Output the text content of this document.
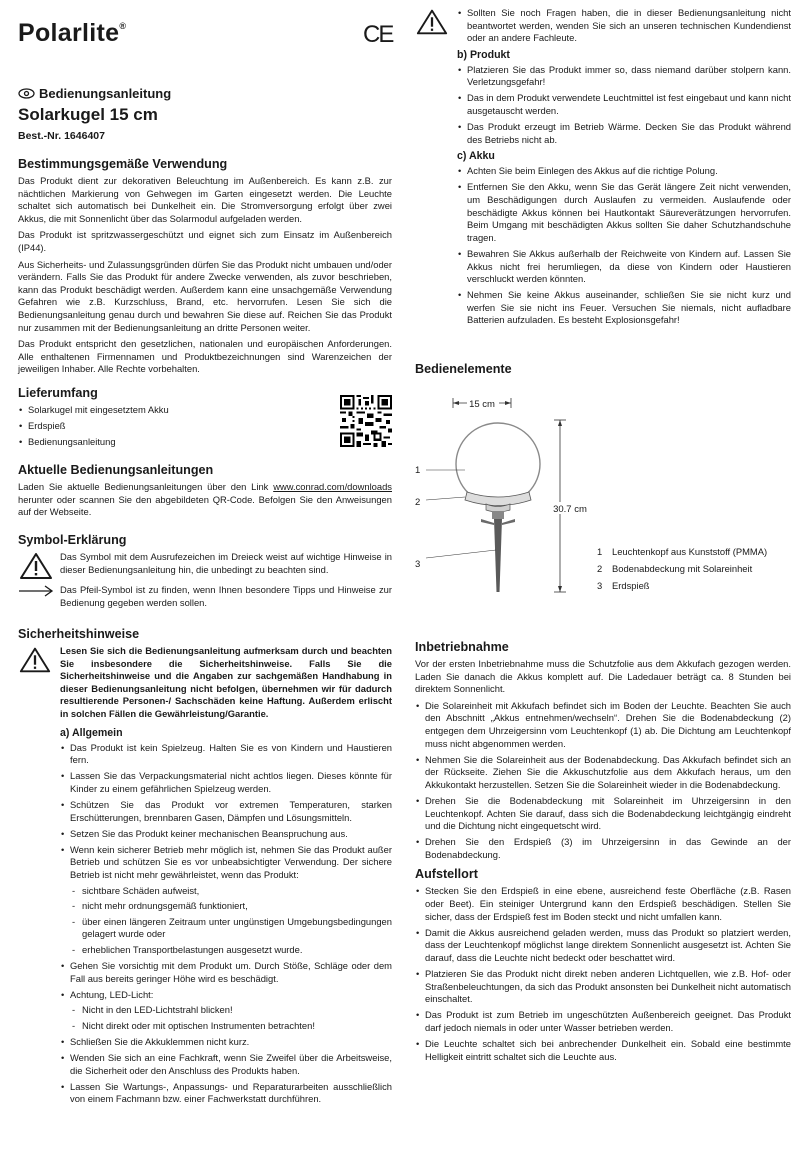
Polarlite®	CE
Bedienungsanleitung
Solarkugel 15 cm
Best.-Nr. 1646407
Bestimmungsgemäße Verwendung

Das Produkt dient zur dekorativen Beleuchtung im Außenbereich. Es kann z.B. zur nächtlichen Markierung von Gehwegen im Garten eingesetzt werden. Die Leuchte schaltet sich automatisch bei Dunkelheit ein. Die Stromversorgung erfolgt über zwei Akkus, die mit Sonnenlicht über das Solarmodul aufgeladen werden.

Das Produkt ist spritzwassergeschützt und eignet sich zum Einsatz im Außenbereich (IP44).

Aus Sicherheits- und Zulassungsgründen dürfen Sie das Produkt nicht umbauen und/oder verändern. Falls Sie das Produkt für andere Zwecke verwenden, als zuvor beschrieben, kann das Produkt beschädigt werden. Außerdem kann eine unsachgemäße Verwendung Gefahren wie z.B. Kurzschluss, Brand, etc. hervorrufen. Lesen Sie sich die Bedienungsanleitung genau durch und bewahren Sie diese auf. Reichen Sie das Produkt nur zusammen mit der Bedienungsanleitung an dritte Personen weiter.

Das Produkt entspricht den gesetzlichen, nationalen und europäischen Anforderungen. Alle enthaltenen Firmennamen und Produktbezeichnungen sind Warenzeichen der jeweiligen Inhaber. Alle Rechte vorbehalten.

Lieferumfang
• Solarkugel mit eingesetztem Akku
• Erdspieß
• Bedienungsanleitung
Aktuelle Bedienungsanleitungen

Laden Sie aktuelle Bedienungsanleitungen über den Link www.conrad.com/downloads herunter oder scannen Sie den abgebildeten QR-Code. Befolgen Sie den Anweisungen auf der Webseite.

Symbol-Erklärung

Das Symbol mit dem Ausrufezeichen im Dreieck weist auf wichtige Hinweise in dieser Bedienungsanleitung hin, die unbedingt zu beachten sind.

Das Pfeil-Symbol ist zu finden, wenn Ihnen besondere Tipps und Hinweise zur Bedienung gegeben werden sollen.

Sicherheitshinweise
Lesen Sie sich die Bedienungsanleitung aufmerksam durch und beachten Sie insbesondere die Sicherheitshinweise. Falls Sie die Sicherheitshinweise und die Angaben zur sachgemäßen Handhabung in dieser Bedienungsanleitung nicht befolgen, übernehmen wir für dadurch resultierende Personen-/ Sachschäden keine Haftung. Außerdem erlischt in solchen Fällen die Gewährleistung/Garantie.
a) Allgemein
• Das Produkt ist kein Spielzeug. Halten Sie es von Kindern und Haustieren fern.
• Lassen Sie das Verpackungsmaterial nicht achtlos liegen. Dieses könnte für Kinder zu einem gefährlichen Spielzeug werden.
• Schützen Sie das Produkt vor extremen Temperaturen, starken Erschütterungen, brennbaren Gasen, Dämpfen und Lösungsmitteln.
• Setzen Sie das Produkt keiner mechanischen Beanspruchung aus.
• Wenn kein sicherer Betrieb mehr möglich ist, nehmen Sie das Produkt außer Betrieb und schützen Sie es vor unbeabsichtigter Verwendung. Der sichere Betrieb ist nicht mehr gewährleistet, wenn das Produkt:
- sichtbare Schäden aufweist,
- nicht mehr ordnungsgemäß funktioniert,
- über einen längeren Zeitraum unter ungünstigen Umgebungsbedingungen gelagert wurde oder
- erheblichen Transportbelastungen ausgesetzt wurde.
• Gehen Sie vorsichtig mit dem Produkt um. Durch Stöße, Schläge oder dem Fall aus bereits geringer Höhe wird es beschädigt.
• Achtung, LED-Licht:
- Nicht in den LED-Lichtstrahl blicken!
- Nicht direkt oder mit optischen Instrumenten betrachten!
• Schließen Sie die Akkuklemmen nicht kurz.
• Wenden Sie sich an eine Fachkraft, wenn Sie Zweifel über die Arbeitsweise, die Sicherheit oder den Anschluss des Produkts haben.
• Lassen Sie Wartungs-, Anpassungs- und Reparaturarbeiten ausschließlich von einem Fachmann bzw. einer Fachwerkstatt durchführen.
• Sollten Sie noch Fragen haben, die in dieser Bedienungsanleitung nicht beantwortet werden, wenden Sie sich an unseren technischen Kundendienst oder an andere Fachleute.
b) Produkt
• Platzieren Sie das Produkt immer so, dass niemand darüber stolpern kann. Verletzungsgefahr!
• Das in dem Produkt verwendete Leuchtmittel ist fest eingebaut und kann nicht ausgetauscht werden.
• Das Produkt erzeugt im Betrieb Wärme. Decken Sie das Produkt während des Betriebs nicht ab.
c) Akku
• Achten Sie beim Einlegen des Akkus auf die richtige Polung.
• Entfernen Sie den Akku, wenn Sie das Gerät längere Zeit nicht verwenden, um Beschädigungen durch Auslaufen zu vermeiden. Auslaufende oder beschädigte Akkus können bei Hautkontakt Säureverätzungen hervorrufen. Beim Umgang mit beschädigten Akkus sollten Sie daher Schutzhandschuhe tragen.
• Bewahren Sie Akkus außerhalb der Reichweite von Kindern auf. Lassen Sie Akkus nicht frei herumliegen, da diese von Kindern oder Haustieren verschluckt werden könnten.
• Nehmen Sie keine Akkus auseinander, schließen Sie sie nicht kurz und werfen Sie sie nicht ins Feuer. Versuchen Sie niemals, nicht aufladbare Batterien aufzuladen. Es besteht Explosionsgefahr!
Bedienelemente
15 cm
30.7 cm
1
2
3
1 Leuchtenkopf aus Kunststoff (PMMA)
2 Bodenabdeckung mit Solareinheit
3 Erdspieß
Inbetriebnahme

Vor der ersten Inbetriebnahme muss die Schutzfolie aus dem Akkufach gezogen werden. Laden Sie danach die Akkus komplett auf. Die Ladedauer beträgt ca. 8 Stunden bei direktem Sonnenlicht.

• Die Solareinheit mit Akkufach befindet sich im Boden der Leuchte. Beachten Sie auch den Abschnitt „Akkus entnehmen/wechseln“. Drehen Sie die Bodenabdeckung (2) entgegen dem Uhrzeigersinn vom Leuchtenkopf (1) ab. Die Dichtung am Leuchtenkopf muss nicht abgenommen werden.
• Nehmen Sie die Solareinheit aus der Bodenabdeckung. Das Akkufach befindet sich an der Rückseite. Ziehen Sie die Akkuschutzfolie aus dem Akkufach heraus, um den Akkukontakt herzustellen. Setzen Sie die Solareinheit wieder in die Bodenabdeckung.
• Drehen Sie die Bodenabdeckung mit Solareinheit im Uhrzeigersinn in den Leuchtenkopf. Achten Sie darauf, dass sich die Bodenabdeckung leichtgängig eindreht und die Dichtung nicht eingequetscht wird.
• Drehen Sie den Erdspieß (3) im Uhrzeigersinn in das Gewinde an der Bodenabdeckung.
Aufstellort
• Stecken Sie den Erdspieß in eine ebene, ausreichend feste Oberfläche (z.B. Rasen oder Beet). Ein steiniger Untergrund kann den Erdspieß beschädigen. Stellen Sie sicher, dass der Erdspieß fest im Boden steckt und nicht umfallen kann.
• Damit die Akkus ausreichend geladen werden, muss das Produkt so platziert werden, dass der Leuchtenkopf möglichst lange direktem Sonnenlicht ausgesetzt ist. Achten Sie darauf, dass die Leuchte nicht bedeckt oder beschattet wird.
• Platzieren Sie das Produkt nicht direkt neben anderen Lichtquellen, wie z.B. Hof- oder Straßenbeleuchtungen, da sich das Produkt ansonsten bei Dunkelheit nicht automatisch einschaltet.
• Das Produkt ist zum Betrieb im ungeschützten Außenbereich geeignet. Das Produkt darf jedoch niemals in oder unter Wasser betrieben werden.
• Die Leuchte schaltet sich bei anbrechender Dunkelheit ein. Sobald eine bestimmte Helligkeit eintritt schaltet sich die Leuchte aus.
